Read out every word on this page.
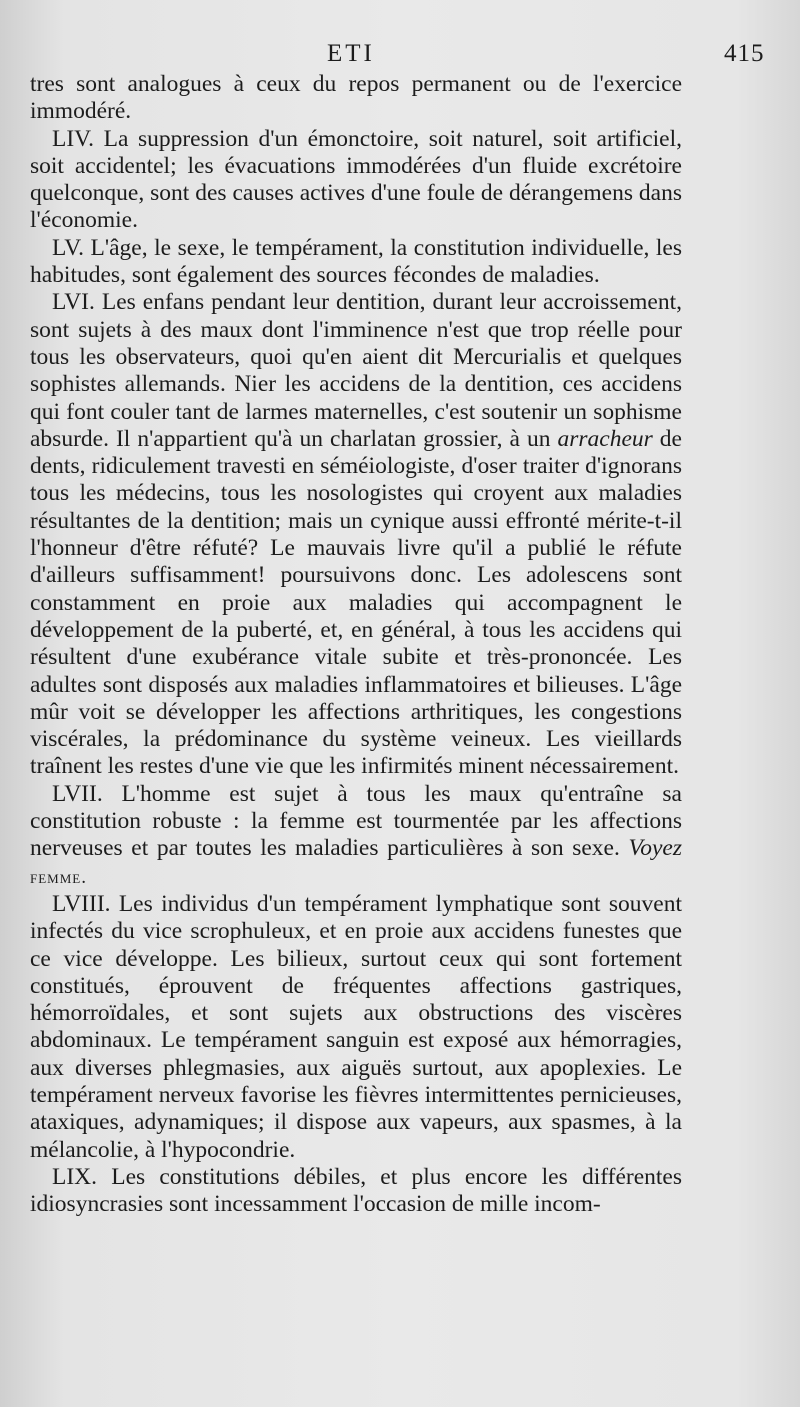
ETI	415

tres sont analogues à ceux du repos permanent ou de l'exercice immodéré.

LIV. La suppression d'un émonctoire, soit naturel, soit artificiel, soit accidentel; les évacuations immodérées d'un fluide excrétoire quelconque, sont des causes actives d'une foule de dérangemens dans l'économie.

LV. L'âge, le sexe, le tempérament, la constitution individuelle, les habitudes, sont également des sources fécondes de maladies.

LVI. Les enfans pendant leur dentition, durant leur accroissement, sont sujets à des maux dont l'imminence n'est que trop réelle pour tous les observateurs, quoi qu'en aient dit Mercurialis et quelques sophistes allemands. Nier les accidens de la dentition, ces accidens qui font couler tant de larmes maternelles, c'est soutenir un sophisme absurde. Il n'appartient qu'à un charlatan grossier, à un arracheur de dents, ridiculement travesti en séméiologiste, d'oser traiter d'ignorans tous les médecins, tous les nosologistes qui croyent aux maladies résultantes de la dentition; mais un cynique aussi effronté mérite-t-il l'honneur d'être réfuté? Le mauvais livre qu'il a publié le réfute d'ailleurs suffisamment! poursuivons donc. Les adolescens sont constamment en proie aux maladies qui accompagnent le développement de la puberté, et, en général, à tous les accidens qui résultent d'une exubérance vitale subite et très-prononcée. Les adultes sont disposés aux maladies inflammatoires et bilieuses. L'âge mûr voit se développer les affections arthritiques, les congestions viscérales, la prédominance du système veineux. Les vieillards traînent les restes d'une vie que les infirmités minent nécessairement.

LVII. L'homme est sujet à tous les maux qu'entraîne sa constitution robuste : la femme est tourmentée par les affections nerveuses et par toutes les maladies particulières à son sexe. Voyez femme.

LVIII. Les individus d'un tempérament lymphatique sont souvent infectés du vice scrophuleux, et en proie aux accidens funestes que ce vice développe. Les bilieux, surtout ceux qui sont fortement constitués, éprouvent de fréquentes affections gastriques, hémorroïdales, et sont sujets aux obstructions des viscères abdominaux. Le tempérament sanguin est exposé aux hémorragies, aux diverses phlegmasies, aux aiguës surtout, aux apoplexies. Le tempérament nerveux favorise les fièvres intermittentes pernicieuses, ataxiques, adynamiques; il dispose aux vapeurs, aux spasmes, à la mélancolie, à l'hypocondrie.

LIX. Les constitutions débiles, et plus encore les différentes idiosyncrasies sont incessamment l'occasion de mille incom-
